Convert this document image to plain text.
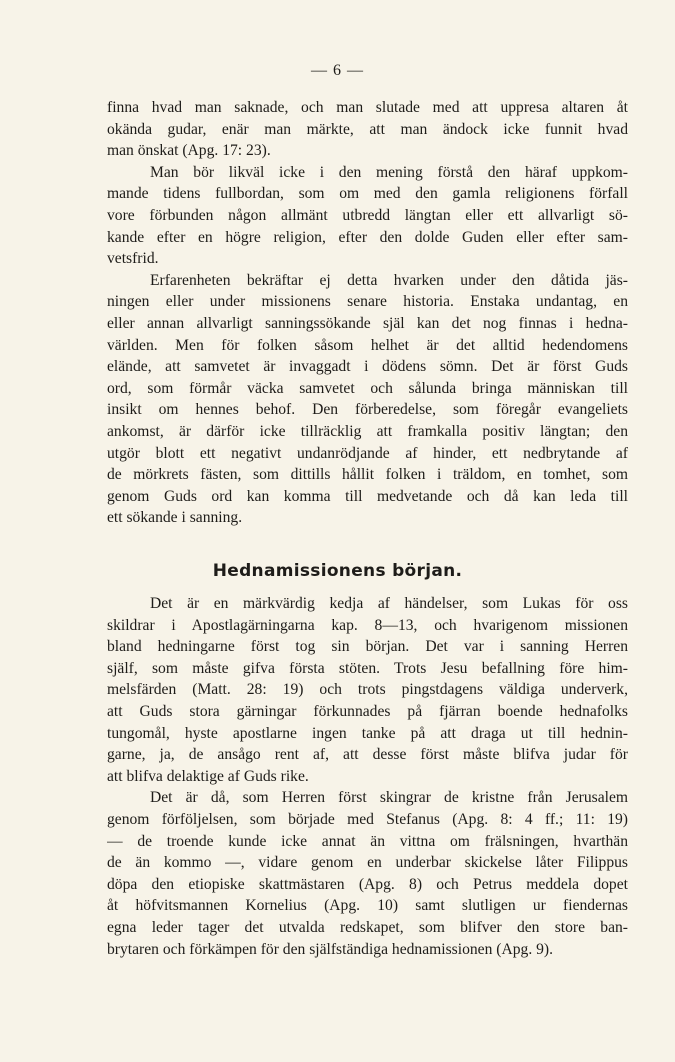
— 6 —
finna hvad man saknade, och man slutade med att uppresa altaren åt
okända gudar, enär man märkte, att man ändock icke funnit hvad
man önskat (Apg. 17: 23).
Man bör likväl icke i den mening förstå den häraf uppkom-
mande tidens fullbordan, som om med den gamla religionens förfall
vore förbunden någon allmänt utbredd längtan eller ett allvarligt sö-
kande efter en högre religion, efter den dolde Guden eller efter sam-
vetsfrid.
Erfarenheten bekräftar ej detta hvarken under den dåtida jäs-
ningen eller under missionens senare historia. Enstaka undantag, en
eller annan allvarligt sanningssökande själ kan det nog finnas i hedna-
världen. Men för folken såsom helhet är det alltid hedendomens
elände, att samvetet är invaggadt i dödens sömn. Det är först Guds
ord, som förmår väcka samvetet och sålunda bringa människan till
insikt om hennes behof. Den förberedelse, som föregår evangeliets
ankomst, är därför icke tillräcklig att framkalla positiv längtan; den
utgör blott ett negativt undanrödjande af hinder, ett nedbrytande af
de mörkrets fästen, som dittills hållit folken i träldom, en tomhet, som
genom Guds ord kan komma till medvetande och då kan leda till
ett sökande i sanning.
Hednamissionens början.
Det är en märkvärdig kedja af händelser, som Lukas för oss
skildrar i Apostlagärningarna kap. 8—13, och hvarigenom missionen
bland hedningarne först tog sin början. Det var i sanning Herren
själf, som måste gifva första stöten. Trots Jesu befallning före him-
melsfärden (Matt. 28: 19) och trots pingstdagens väldiga underverk,
att Guds stora gärningar förkunnades på fjärran boende hednafolks
tungomål, hyste apostlarne ingen tanke på att draga ut till hednin-
garne, ja, de ansågo rent af, att desse först måste blifva judar för
att blifva delaktige af Guds rike.
Det är då, som Herren först skingrar de kristne från Jerusalem
genom förföljelsen, som började med Stefanus (Apg. 8: 4 ff.; 11: 19)
— de troende kunde icke annat än vittna om frälsningen, hvarthän
de än kommo —, vidare genom en underbar skickelse låter Filippus
döpa den etiopiske skattmästaren (Apg. 8) och Petrus meddela dopet
åt höfvitsmannen Kornelius (Apg. 10) samt slutligen ur fiendernas
egna leder tager det utvalda redskapet, som blifver den store ban-
brytaren och förkämpen för den själfständiga hednamissionen (Apg. 9).
